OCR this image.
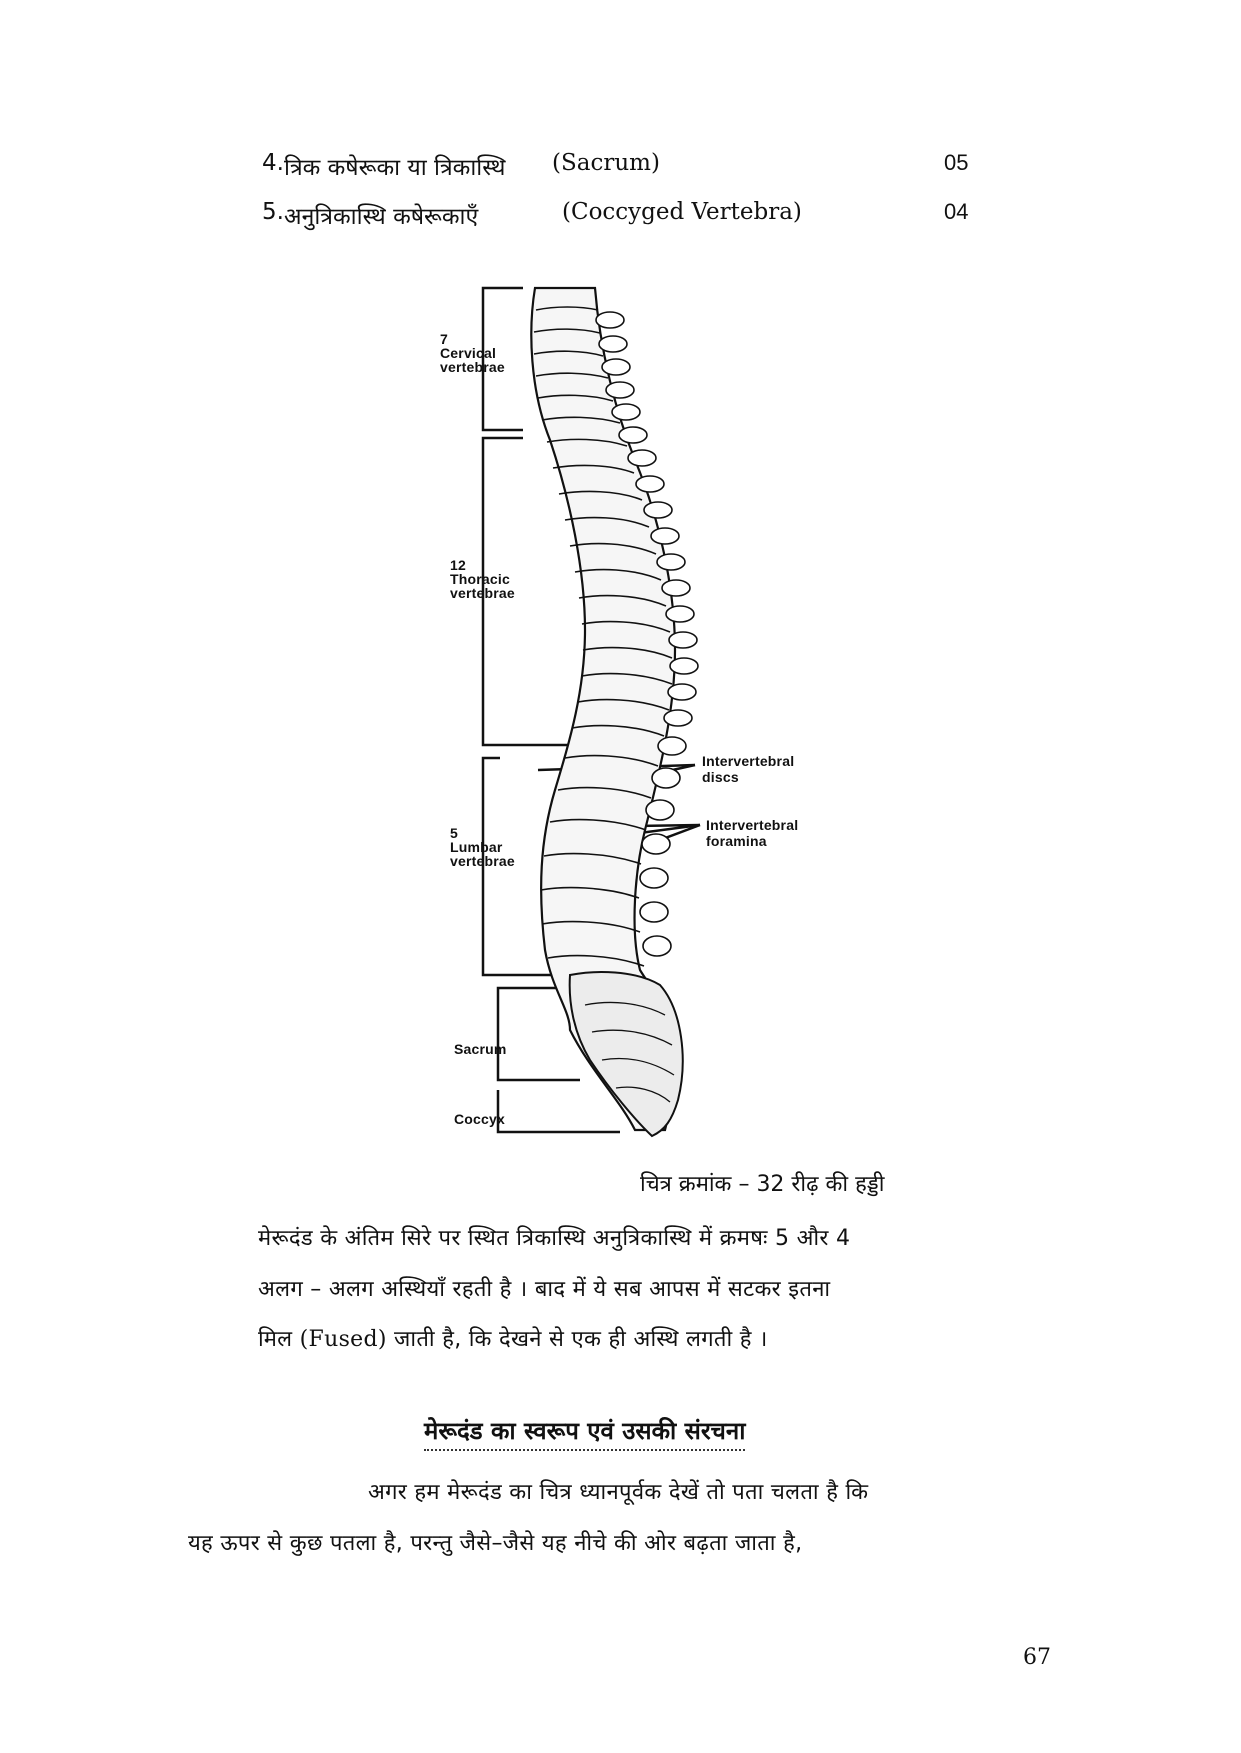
4. त्रिक कषेरूका या त्रिकास्थि (Sacrum)	05
5. अनुत्रिकास्थि कषेरूकाएँ	(Coccyged Vertebra)	04
7
Cervical
vertebrae
12
Thoracic
vertebrae
5
Lumbar
vertebrae
Sacrum
Coccyx
Intervertebral
discs
Intervertebral
foramina
चित्र क्रमांक – 32 रीढ़ की हड्डी
मेरूदंड के अंतिम सिरे पर स्थित त्रिकास्थि अनुत्रिकास्थि में क्रमषः 5 और 4
अलग – अलग अस्थियाँ रहती है । बाद में ये सब आपस में सटकर इतना
मिल (Fused) जाती है, कि देखने से एक ही अस्थि लगती है ।
मेरूदंड का स्वरूप एवं उसकी संरचना
अगर हम मेरूदंड का चित्र ध्यानपूर्वक देखें तो पता चलता है कि
यह ऊपर से कुछ पतला है, परन्तु जैसे–जैसे यह नीचे की ओर बढ़ता जाता है,
67
